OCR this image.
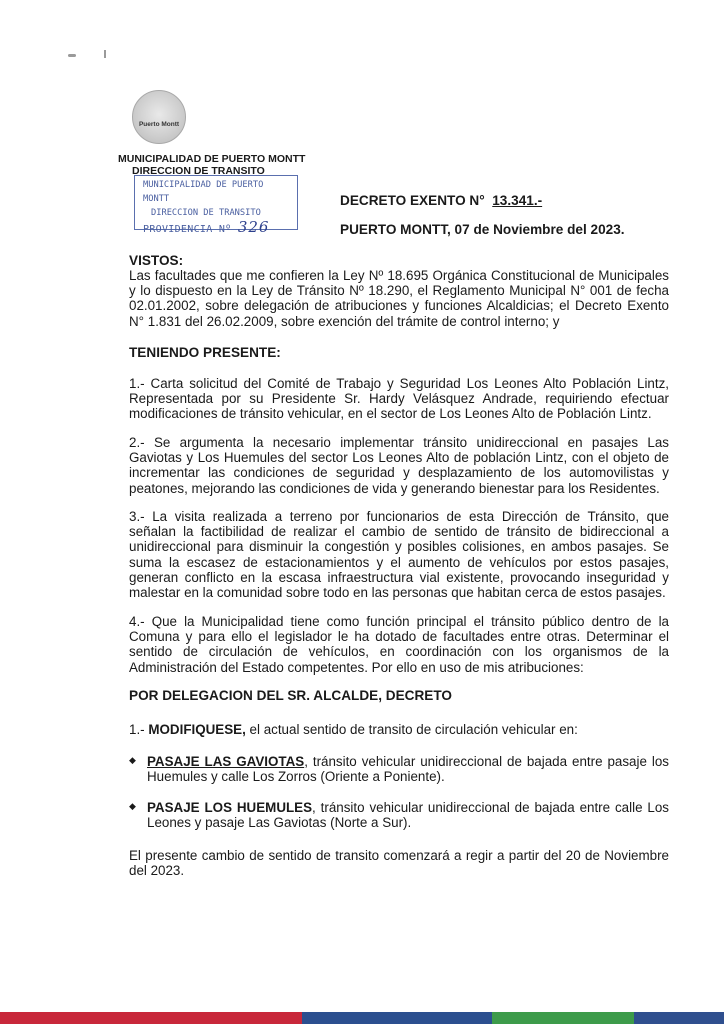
Puerto Montt
MUNICIPALIDAD DE PUERTO MONTT
DIRECCION DE TRANSITO
MUNICIPALIDAD DE PUERTO MONTT
DIRECCION DE TRANSITO
PROVIDENCIA Nº 326
DECRETO EXENTO N° 13.341.-
PUERTO MONTT, 07 de Noviembre del 2023.
VISTOS:

Las facultades que me confieren la Ley Nº 18.695 Orgánica Constitucional de Municipales y lo dispuesto en la Ley de Tránsito Nº 18.290, el Reglamento Municipal N° 001 de fecha 02.01.2002, sobre delegación de atribuciones y funciones Alcaldicias; el Decreto Exento N° 1.831 del 26.02.2009, sobre exención del trámite de control interno; y

TENIENDO PRESENTE:

1.- Carta solicitud del Comité de Trabajo y Seguridad Los Leones Alto Población Lintz, Representada por su Presidente Sr. Hardy Velásquez Andrade, requiriendo efectuar modificaciones de tránsito vehicular, en el sector de Los Leones Alto de Población Lintz.

2.- Se argumenta la necesario implementar tránsito unidireccional en pasajes Las Gaviotas y Los Huemules del sector Los Leones Alto de población Lintz, con el objeto de incrementar las condiciones de seguridad y desplazamiento de los automovilistas y peatones, mejorando las condiciones de vida y generando bienestar para los Residentes.

3.- La visita realizada a terreno por funcionarios de esta Dirección de Tránsito, que señalan la factibilidad de realizar el cambio de sentido de tránsito de bidireccional a unidireccional para disminuir la congestión y posibles colisiones, en ambos pasajes. Se suma la escasez de estacionamientos y el aumento de vehículos por estos pasajes, generan conflicto en la escasa infraestructura vial existente, provocando inseguridad y malestar en la comunidad sobre todo en las personas que habitan cerca de estos pasajes.

4.- Que la Municipalidad tiene como función principal el tránsito público dentro de la Comuna y para ello el legislador le ha dotado de facultades entre otras. Determinar el sentido de circulación de vehículos, en coordinación con los organismos de la Administración del Estado competentes. Por ello en uso de mis atribuciones:

POR DELEGACION DEL SR. ALCALDE, DECRETO

1.- MODIFIQUESE, el actual sentido de transito de circulación vehicular en:

◆ PASAJE LAS GAVIOTAS, tránsito vehicular unidireccional de bajada entre pasaje los Huemules y calle Los Zorros (Oriente a Poniente).
◆ PASAJE LOS HUEMULES, tránsito vehicular unidireccional de bajada entre calle Los Leones y pasaje Las Gaviotas (Norte a Sur).

El presente cambio de sentido de transito comenzará a regir a partir del 20 de Noviembre del 2023.
